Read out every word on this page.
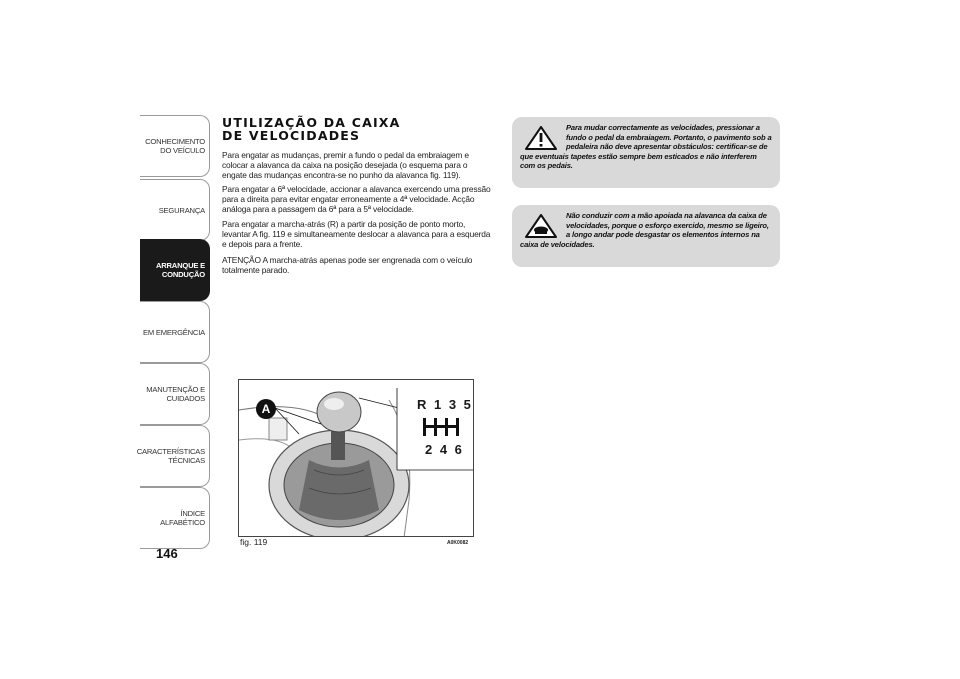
CONHECIMENTO DO VEÍCULO
SEGURANÇA
ARRANQUE E CONDUÇÃO
EM EMERGÊNCIA
MANUTENÇÃO E CUIDADOS
CARACTERÍSTICAS TÉCNICAS
ÍNDICE ALFABÉTICO
146
UTILIZAÇÃO DA CAIXA
DE VELOCIDADES

Para engatar as mudanças, premir a fundo o pedal da embraiagem e colocar a alavanca da caixa na posição desejada (o esquema para o engate das mudanças encontra-se no punho da alavanca fig. 119).

Para engatar a 6ª velocidade, accionar a alavanca exercendo uma pressão para a direita para evitar engatar erroneamente a 4ª velocidade. Acção análoga para a passagem da 6ª para a 5ª velocidade.

Para engatar a marcha-atrás (R) a partir da posição de ponto morto, levantar A fig. 119 e simultaneamente deslocar a alavanca para a esquerda e depois para a frente.

ATENÇÃO A marcha-atrás apenas pode ser engrenada com o veículo totalmente parado.

Para mudar correctamente as velocidades, pressionar a fundo o pedal da embraiagem. Portanto, o pavimento sob a pedaleira não deve apresentar obstáculos: certificar-se de que eventuais tapetes estão sempre bem esticados e não interferem com os pedais.

Não conduzir com a mão apoiada na alavanca da caixa de velocidades, porque o esforço exercido, mesmo se ligeiro, a longo andar pode desgastar os elementos internos na caixa de velocidades.

A	R 1 3 5
2 4 6
fig. 119	A0K0082
